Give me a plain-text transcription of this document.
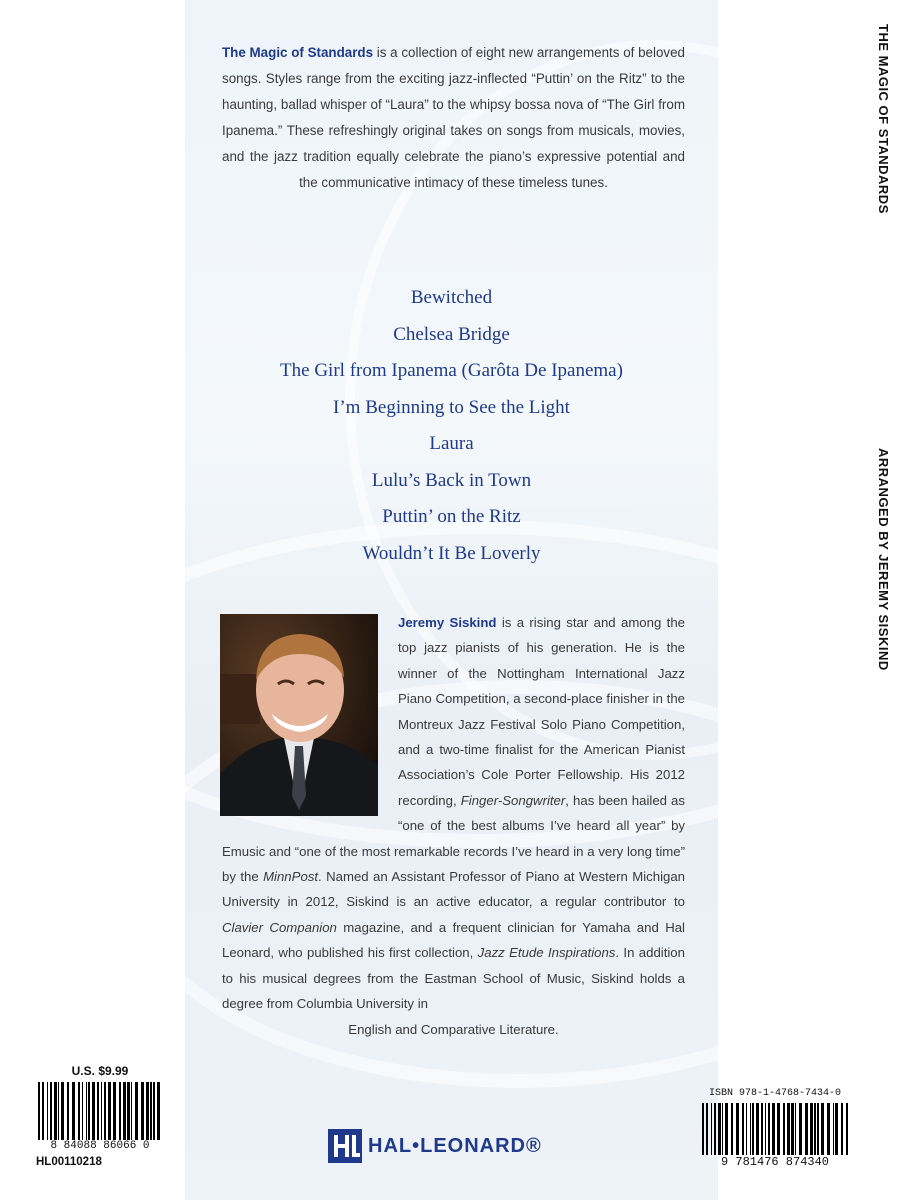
The Magic of Standards is a collection of eight new arrangements of beloved songs. Styles range from the exciting jazz-inflected “Puttin’ on the Ritz” to the haunting, ballad whisper of “Laura” to the whipsy bossa nova of “The Girl from Ipanema.” These refreshingly original takes on songs from musicals, movies, and the jazz tradition equally celebrate the piano’s expressive potential and the communicative intimacy of these timeless tunes.
Bewitched
Chelsea Bridge
The Girl from Ipanema (Garôta De Ipanema)
I’m Beginning to See the Light
Laura
Lulu’s Back in Town
Puttin’ on the Ritz
Wouldn’t It Be Loverly
Jeremy Siskind is a rising star and among the top jazz pianists of his generation. He is the winner of the Nottingham International Jazz Piano Competition, a second-place finisher in the Montreux Jazz Festival Solo Piano Competition, and a two-time finalist for the American Pianist Association’s Cole Porter Fellowship. His 2012 recording, Finger-Songwriter, has been hailed as “one of the best albums I’ve heard all year” by Emusic and “one of the most remarkable records I’ve heard in a very long time” by the MinnPost. Named an Assistant Professor of Piano at Western Michigan University in 2012, Siskind is an active educator, a regular contributor to Clavier Companion magazine, and a frequent clinician for Yamaha and Hal Leonard, who published his first collection, Jazz Etude Inspirations. In addition to his musical degrees from the Eastman School of Music, Siskind holds a degree from Columbia University in
English and Comparative Literature.
THE MAGIC OF STANDARDS
ARRANGED BY JEREMY SISKIND
U.S. $9.99
8 84088 86066 0
HL00110218
ISBN 978-1-4768-7434-0
9 781476 874340
HAL•LEONARD®
